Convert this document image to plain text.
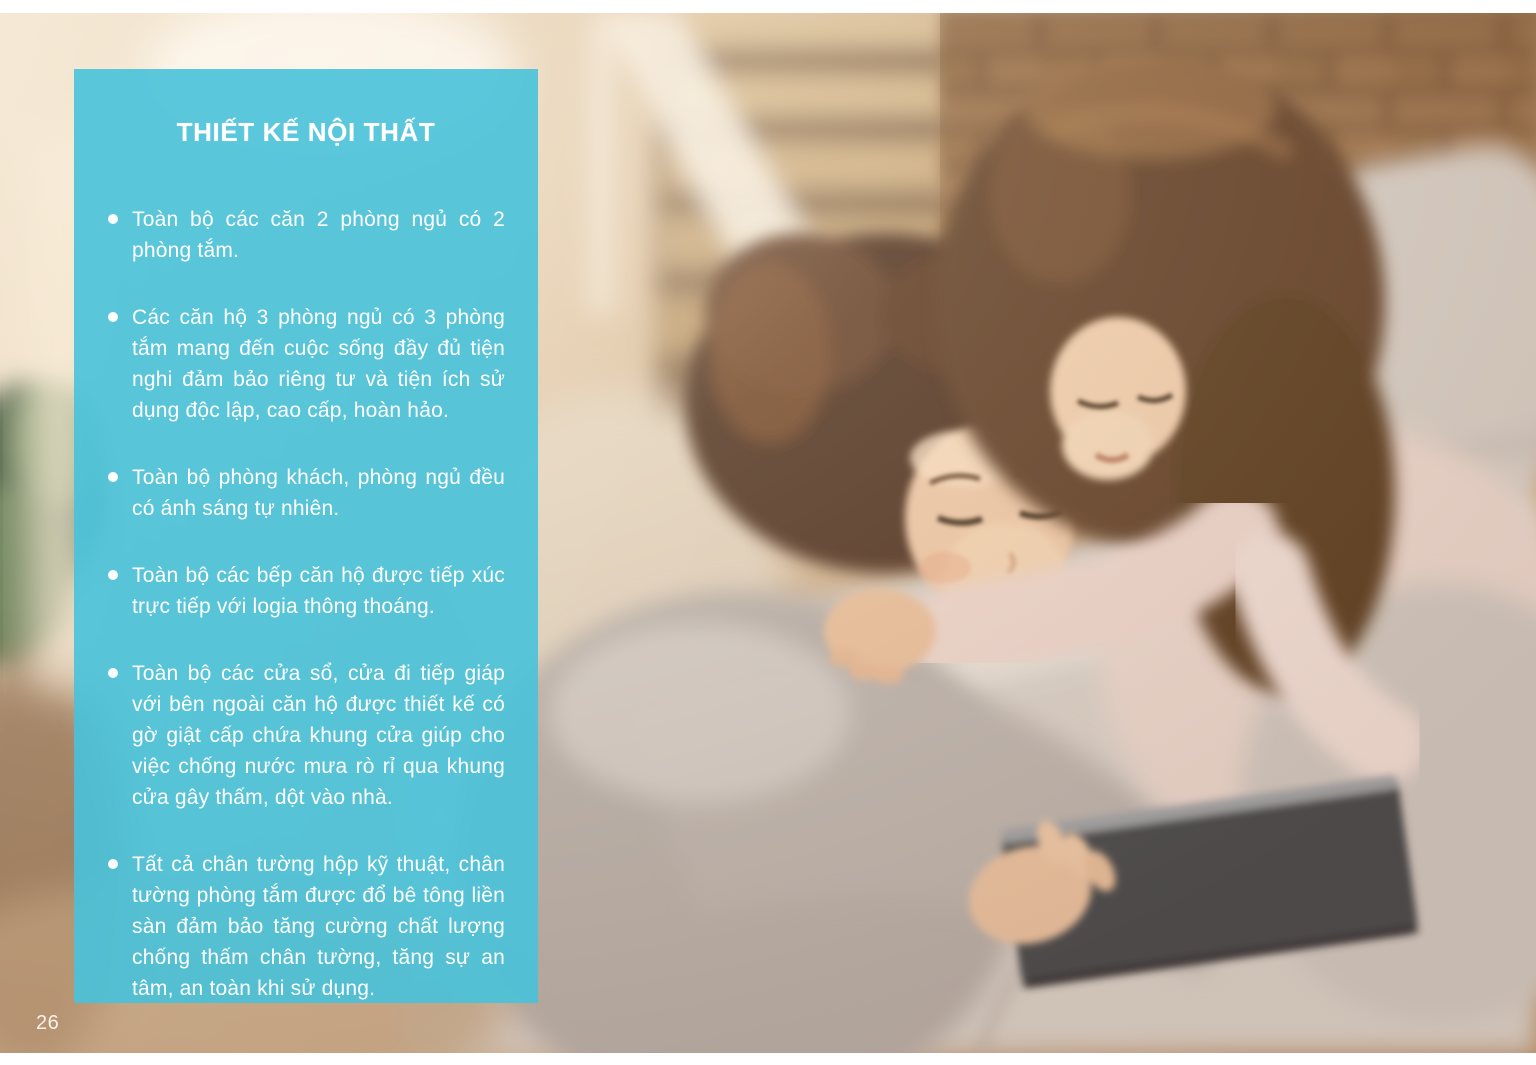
THIẾT KẾ NỘI THẤT
Toàn bộ các căn 2 phòng ngủ có 2 phòng tắm.
Các căn hộ 3 phòng ngủ có 3 phòng tắm mang đến cuộc sống đầy đủ tiện nghi đảm bảo riêng tư và tiện ích sử dụng độc lập, cao cấp, hoàn hảo.
Toàn bộ phòng khách, phòng ngủ đều có ánh sáng tự nhiên.
Toàn bộ các bếp căn hộ được tiếp xúc trực tiếp với logia thông thoáng.
Toàn bộ các cửa sổ, cửa đi tiếp giáp với bên ngoài căn hộ được thiết kế có gờ giật cấp chứa khung cửa giúp cho việc chống nước mưa rò rỉ qua khung cửa gây thấm, dột vào nhà.
Tất cả chân tường hộp kỹ thuật, chân tường phòng tắm được đổ bê tông liền sàn đảm bảo tăng cường chất lượng chống thấm chân tường, tăng sự an tâm, an toàn khi sử dụng.
26
